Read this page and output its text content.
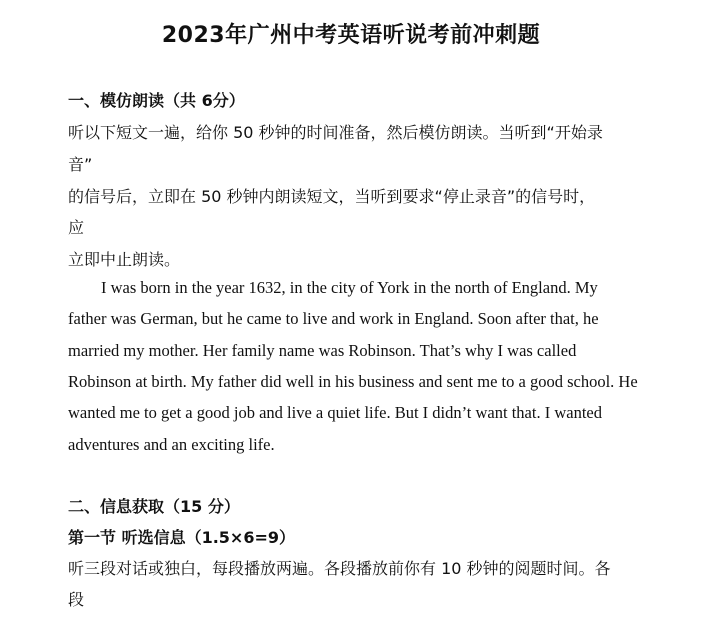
2023年广州中考英语听说考前冲刺题
一、模仿朗读（共 6分）
听以下短文一遍，给你 50 秒钟的时间准备，然后模仿朗读。当听到“开始录
音”
的信号后，立即在 50 秒钟内朗读短文，当听到要求“停止录音”的信号时，
应
立即中止朗读。
I was born in the year 1632, in the city of York in the north of England. My
father was German, but he came to live and work in England. Soon after that, he
married my mother. Her family name was Robinson. That’s why I was called
Robinson at birth. My father did well in his business and sent me to a good school. He
wanted me to get a good job and live a quiet life. But I didn’t want that. I wanted
adventures and an exciting life.
二、信息获取（15 分）
第一节 听选信息（1.5×6=9）
听三段对话或独白，每段播放两遍。各段播放前你有 10 秒钟的阅题时间。各
段
